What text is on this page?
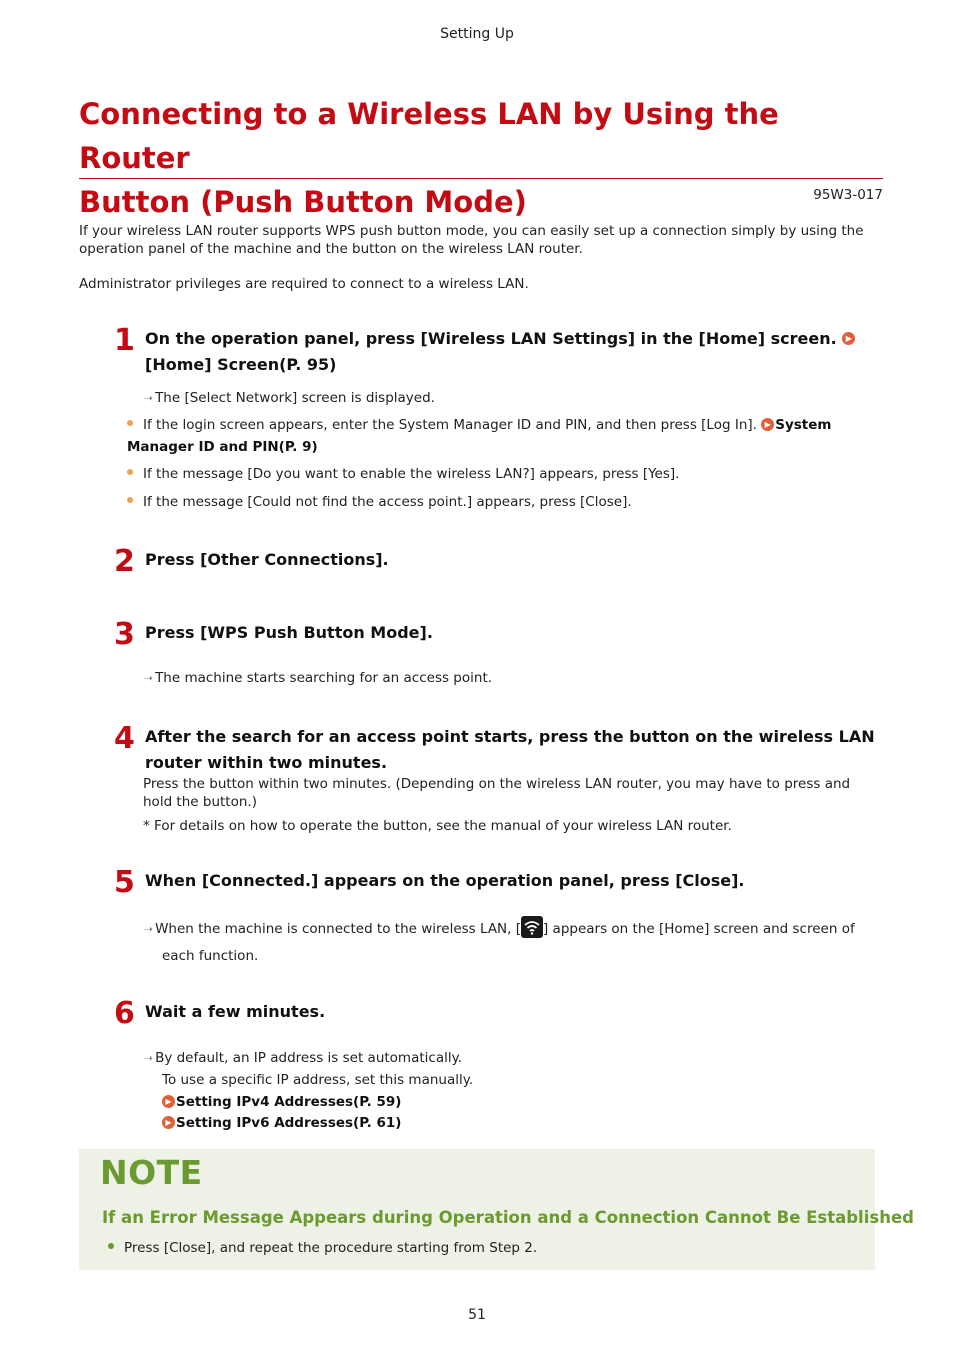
Setting Up
Connecting to a Wireless LAN by Using the Router
Button (Push Button Mode)	95W3-017
If your wireless LAN router supports WPS push button mode, you can easily set up a connection simply by using the operation panel of the machine and the button on the wireless LAN router.
Administrator privileges are required to connect to a wireless LAN.
1 On the operation panel, press [Wireless LAN Settings] in the [Home] screen. ▶[Home] Screen(P. 95)
➝ The [Select Network] screen is displayed.
If the login screen appears, enter the System Manager ID and PIN, and then press [Log In]. ▶ System Manager ID and PIN(P. 9)
If the message [Do you want to enable the wireless LAN?] appears, press [Yes].
If the message [Could not find the access point.] appears, press [Close].
2 Press [Other Connections].
3 Press [WPS Push Button Mode].
➝ The machine starts searching for an access point.
4 After the search for an access point starts, press the button on the wireless LAN router within two minutes.
Press the button within two minutes. (Depending on the wireless LAN router, you may have to press and hold the button.)
* For details on how to operate the button, see the manual of your wireless LAN router.
5 When [Connected.] appears on the operation panel, press [Close].
➝ When the machine is connected to the wireless LAN, [ ] appears on the [Home] screen and screen of
each function.
6 Wait a few minutes.
➝ By default, an IP address is set automatically.
To use a specific IP address, set this manually.
▶ Setting IPv4 Addresses(P. 59)
▶ Setting IPv6 Addresses(P. 61)
NOTE
If an Error Message Appears during Operation and a Connection Cannot Be Established
Press [Close], and repeat the procedure starting from Step 2.
51
